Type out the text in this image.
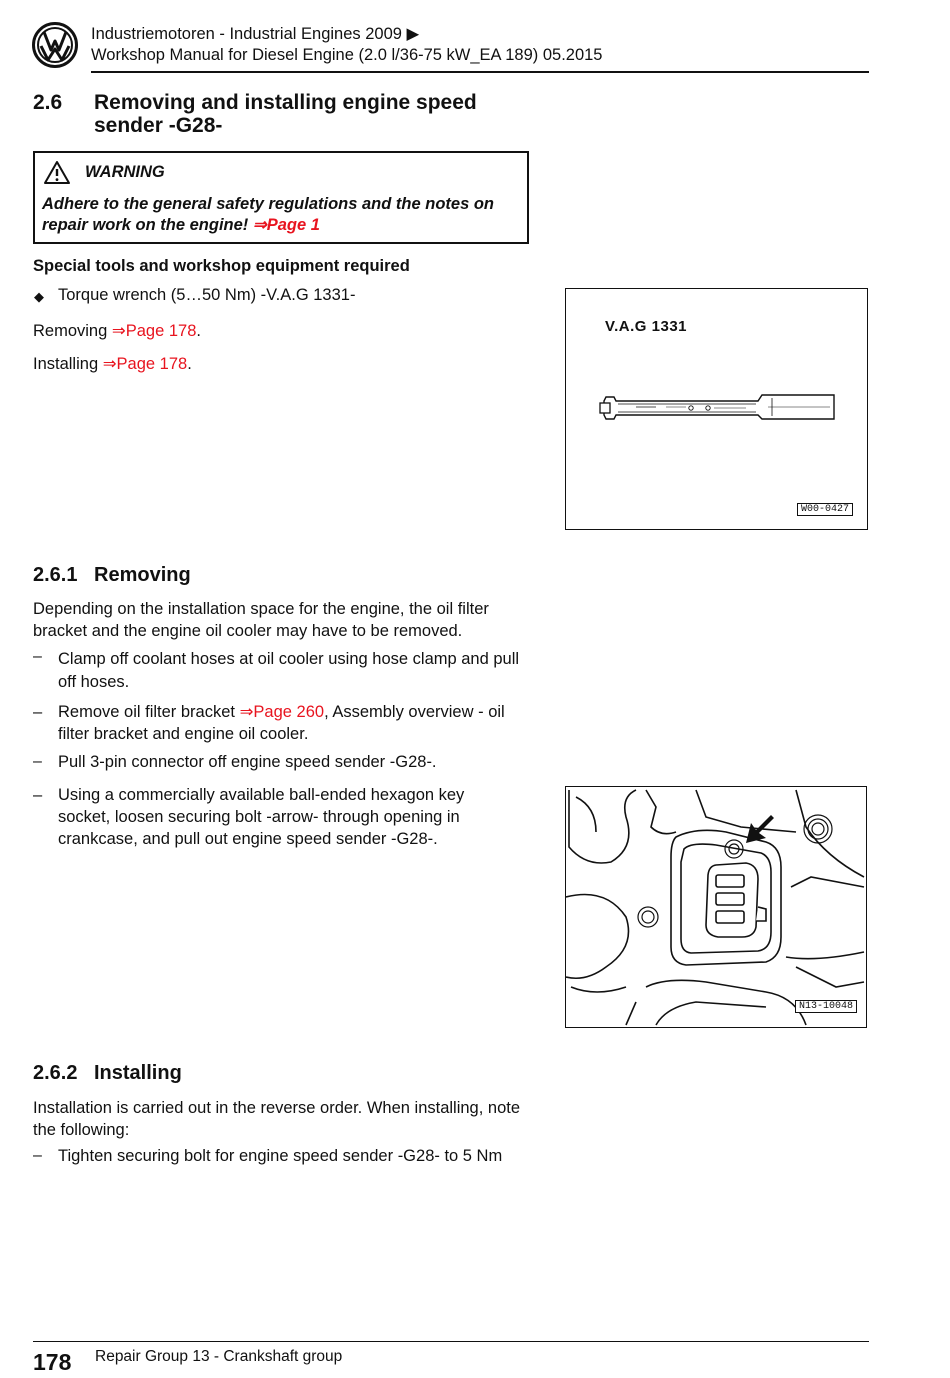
Industriemotoren - Industrial Engines 2009 ▶
Workshop Manual for Diesel Engine (2.0 l/36-75 kW_EA 189) 05.2015
2.6 Removing and installing engine speed
sender -G28-
WARNING
Adhere to the general safety regulations and the notes on repair work on the engine! ⇒Page 1
Special tools and workshop equipment required
◆ Torque wrench (5…50 Nm) -V.A.G 1331-
Removing ⇒Page 178.
Installing ⇒Page 178.
V.A.G 1331
W00-0427
2.6.1 Removing

Depending on the installation space for the engine, the oil filter bracket and the engine oil cooler may have to be removed.

– Clamp off coolant hoses at oil cooler using hose clamp and pull off hoses.
– Remove oil filter bracket ⇒Page 260, Assembly overview - oil filter bracket and engine oil cooler.
– Pull 3-pin connector off engine speed sender -G28-.
– Using a commercially available ball-ended hexagon key socket, loosen securing bolt -arrow- through opening in crankcase, and pull out engine speed sender -G28-.
N13-10048
2.6.2 Installing

Installation is carried out in the reverse order. When installing, note the following:

– Tighten securing bolt for engine speed sender -G28- to 5 Nm
178 Repair Group 13 - Crankshaft group
